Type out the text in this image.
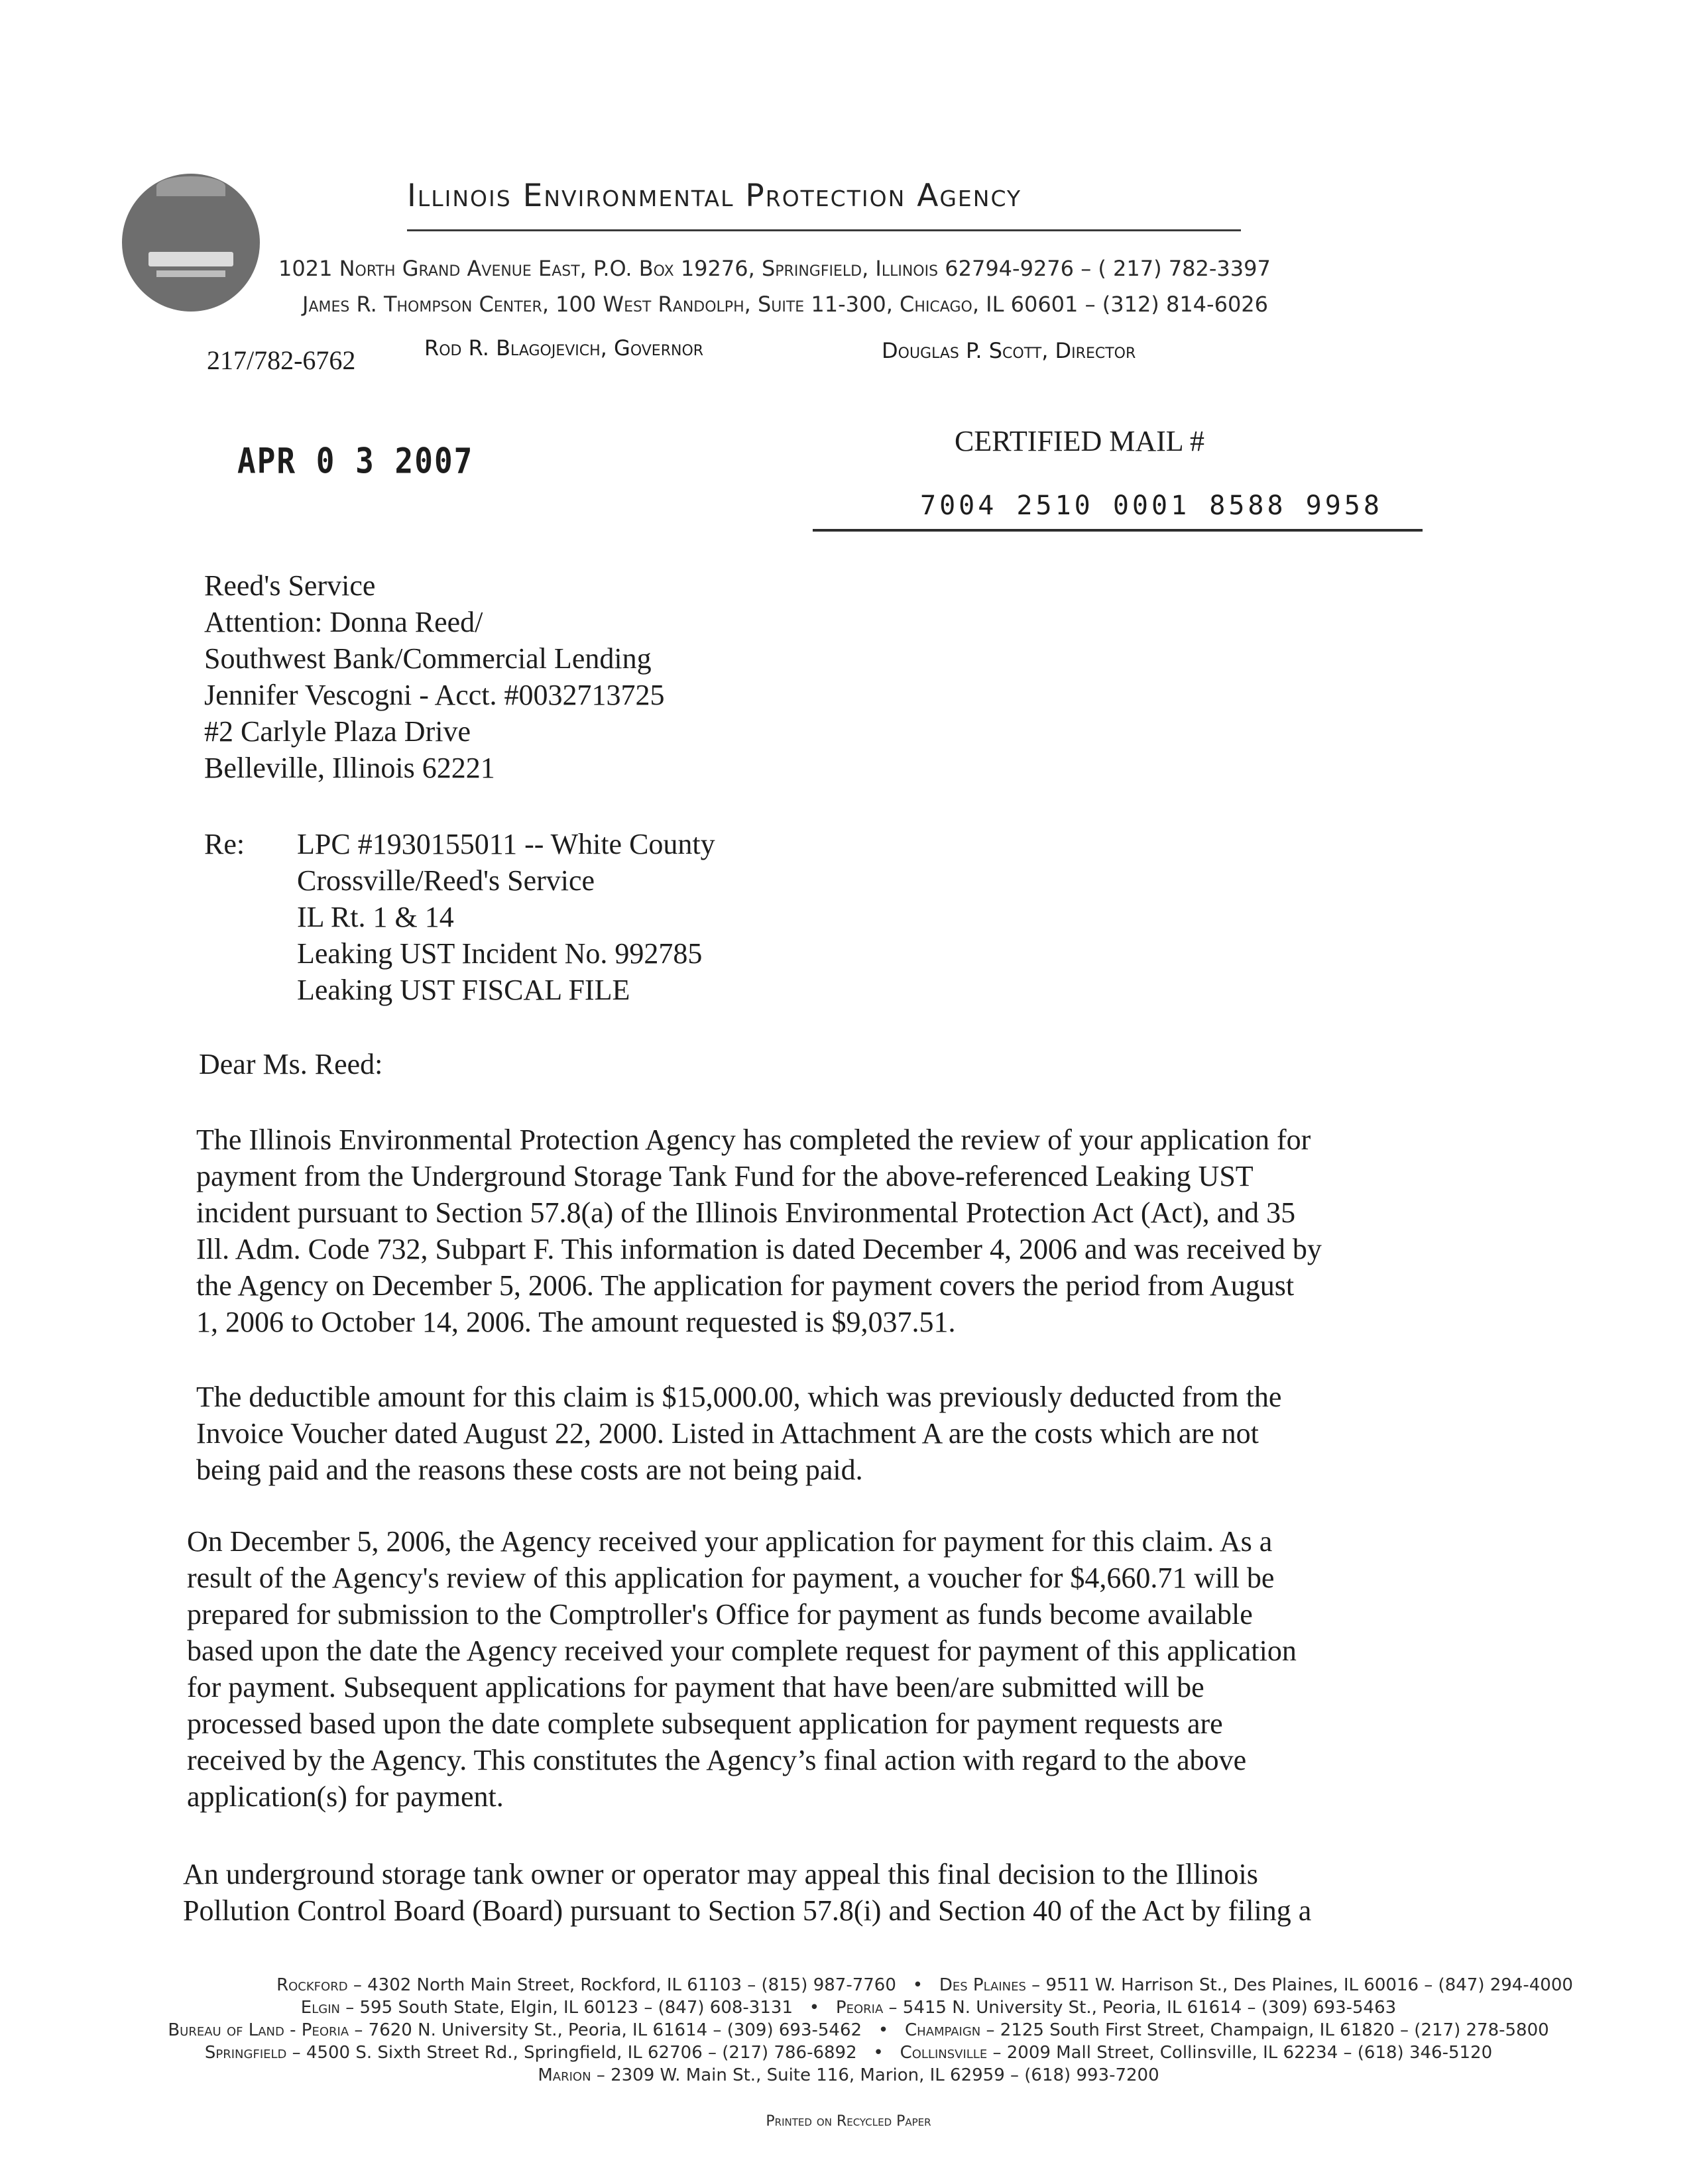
Illinois Environmental Protection Agency
1021 North Grand Avenue East, P.O. Box 19276, Springfield, Illinois 62794-9276 – ( 217) 782-3397
James R. Thompson Center, 100 West Randolph, Suite 11-300, Chicago, IL 60601 – (312) 814-6026
217/782-6762	Rod R. Blagojevich, Governor	Douglas P. Scott, Director
APR 0 3 2007	CERTIFIED MAIL #
7004 2510 0001 8588 9958
Reed's Service
Attention: Donna Reed/
Southwest Bank/Commercial Lending
Jennifer Vescogni - Acct. #0032713725
#2 Carlyle Plaza Drive
Belleville, Illinois 62221
Re: LPC #1930155011 -- White County
Crossville/Reed's Service
IL Rt. 1 & 14
Leaking UST Incident No. 992785
Leaking UST FISCAL FILE
Dear Ms. Reed:
The Illinois Environmental Protection Agency has completed the review of your application for
payment from the Underground Storage Tank Fund for the above-referenced Leaking UST
incident pursuant to Section 57.8(a) of the Illinois Environmental Protection Act (Act), and 35
Ill. Adm. Code 732, Subpart F. This information is dated December 4, 2006 and was received by
the Agency on December 5, 2006. The application for payment covers the period from August
1, 2006 to October 14, 2006. The amount requested is $9,037.51.
The deductible amount for this claim is $15,000.00, which was previously deducted from the
Invoice Voucher dated August 22, 2000. Listed in Attachment A are the costs which are not
being paid and the reasons these costs are not being paid.
On December 5, 2006, the Agency received your application for payment for this claim. As a
result of the Agency's review of this application for payment, a voucher for $4,660.71 will be
prepared for submission to the Comptroller's Office for payment as funds become available
based upon the date the Agency received your complete request for payment of this application
for payment. Subsequent applications for payment that have been/are submitted will be
processed based upon the date complete subsequent application for payment requests are
received by the Agency. This constitutes the Agency’s final action with regard to the above
application(s) for payment.
An underground storage tank owner or operator may appeal this final decision to the Illinois
Pollution Control Board (Board) pursuant to Section 57.8(i) and Section 40 of the Act by filing a
Rockford – 4302 North Main Street, Rockford, IL 61103 – (815) 987-7760 • Des Plaines – 9511 W. Harrison St., Des Plaines, IL 60016 – (847) 294-4000
Elgin – 595 South State, Elgin, IL 60123 – (847) 608-3131 • Peoria – 5415 N. University St., Peoria, IL 61614 – (309) 693-5463
Bureau of Land - Peoria – 7620 N. University St., Peoria, IL 61614 – (309) 693-5462 • Champaign – 2125 South First Street, Champaign, IL 61820 – (217) 278-5800
Springfield – 4500 S. Sixth Street Rd., Springfield, IL 62706 – (217) 786-6892 • Collinsville – 2009 Mall Street, Collinsville, IL 62234 – (618) 346-5120
Marion – 2309 W. Main St., Suite 116, Marion, IL 62959 – (618) 993-7200
Printed on Recycled Paper
